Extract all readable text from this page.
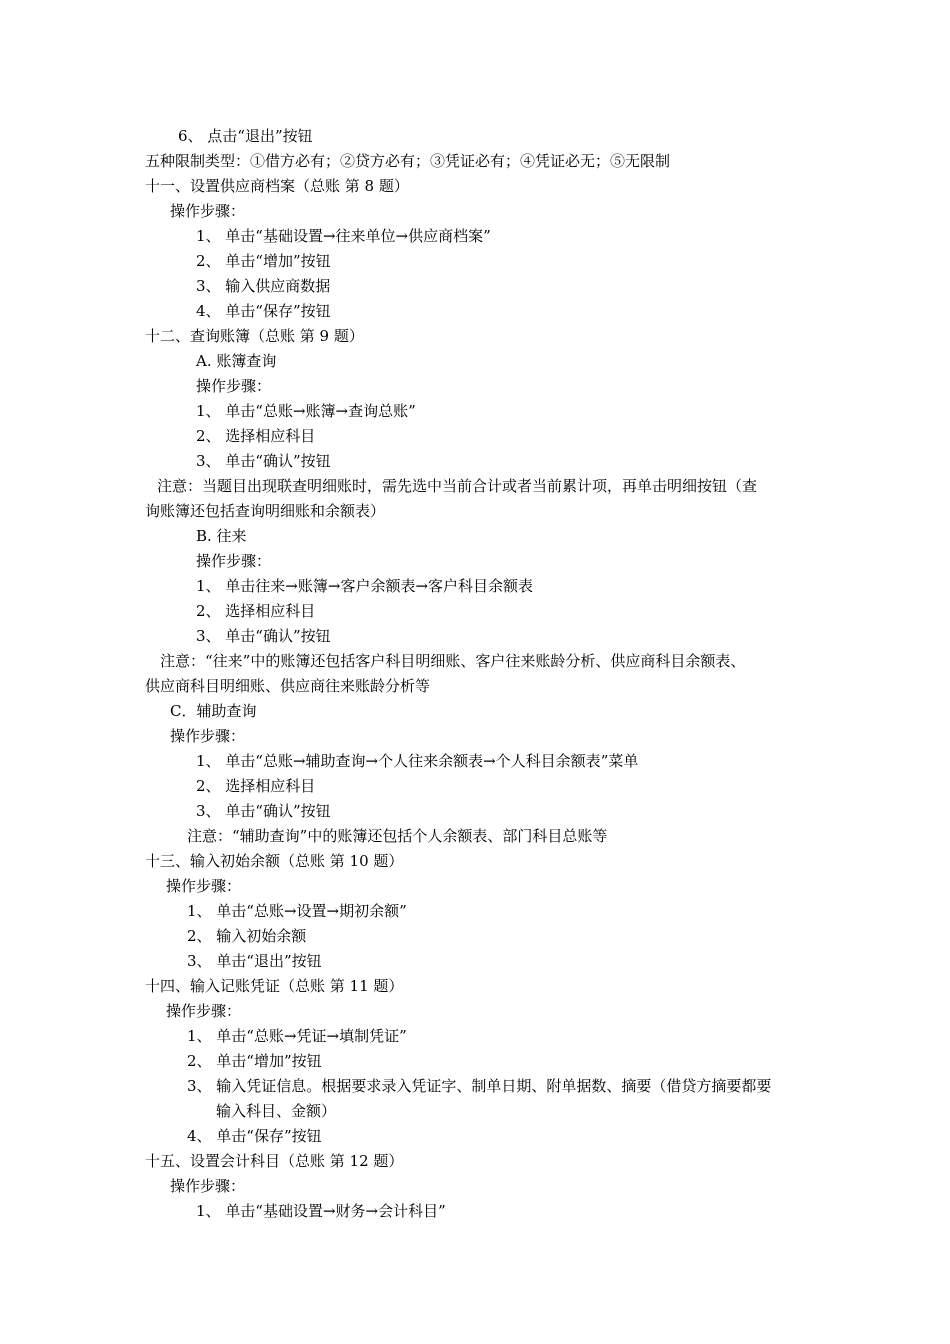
6、 点击“退出”按钮
五种限制类型：①借方必有；②贷方必有；③凭证必有；④凭证必无；⑤无限制
十一、设置供应商档案（总账 第 8 题）
操作步骤：
1、 单击“基础设置→往来单位→供应商档案”
2、 单击“增加”按钮
3、 输入供应商数据
4、 单击“保存”按钮
十二、查询账簿（总账 第 9 题）
A. 账簿查询
操作步骤：
1、 单击“总账→账簿→查询总账”
2、 选择相应科目
3、 单击“确认”按钮
注意：当题目出现联查明细账时，需先选中当前合计或者当前累计项，再单击明细按钮（查
询账簿还包括查询明细账和余额表）
B. 往来
操作步骤：
1、 单击往来→账簿→客户余额表→客户科目余额表
2、 选择相应科目
3、 单击“确认”按钮
注意：“往来”中的账簿还包括客户科目明细账、客户往来账龄分析、供应商科目余额表、
供应商科目明细账、供应商往来账龄分析等
C．辅助查询
操作步骤：
1、 单击“总账→辅助查询→个人往来余额表→个人科目余额表”菜单
2、 选择相应科目
3、 单击“确认”按钮
注意：“辅助查询”中的账簿还包括个人余额表、部门科目总账等
十三、输入初始余额（总账 第 10 题）
操作步骤：
1、 单击“总账→设置→期初余额”
2、 输入初始余额
3、 单击“退出”按钮
十四、输入记账凭证（总账 第 11 题）
操作步骤：
1、 单击“总账→凭证→填制凭证”
2、 单击“增加”按钮
3、 输入凭证信息。根据要求录入凭证字、制单日期、附单据数、摘要（借贷方摘要都要
输入科目、金额）
4、 单击“保存”按钮
十五、设置会计科目（总账 第 12 题）
操作步骤：
1、 单击“基础设置→财务→会计科目”
